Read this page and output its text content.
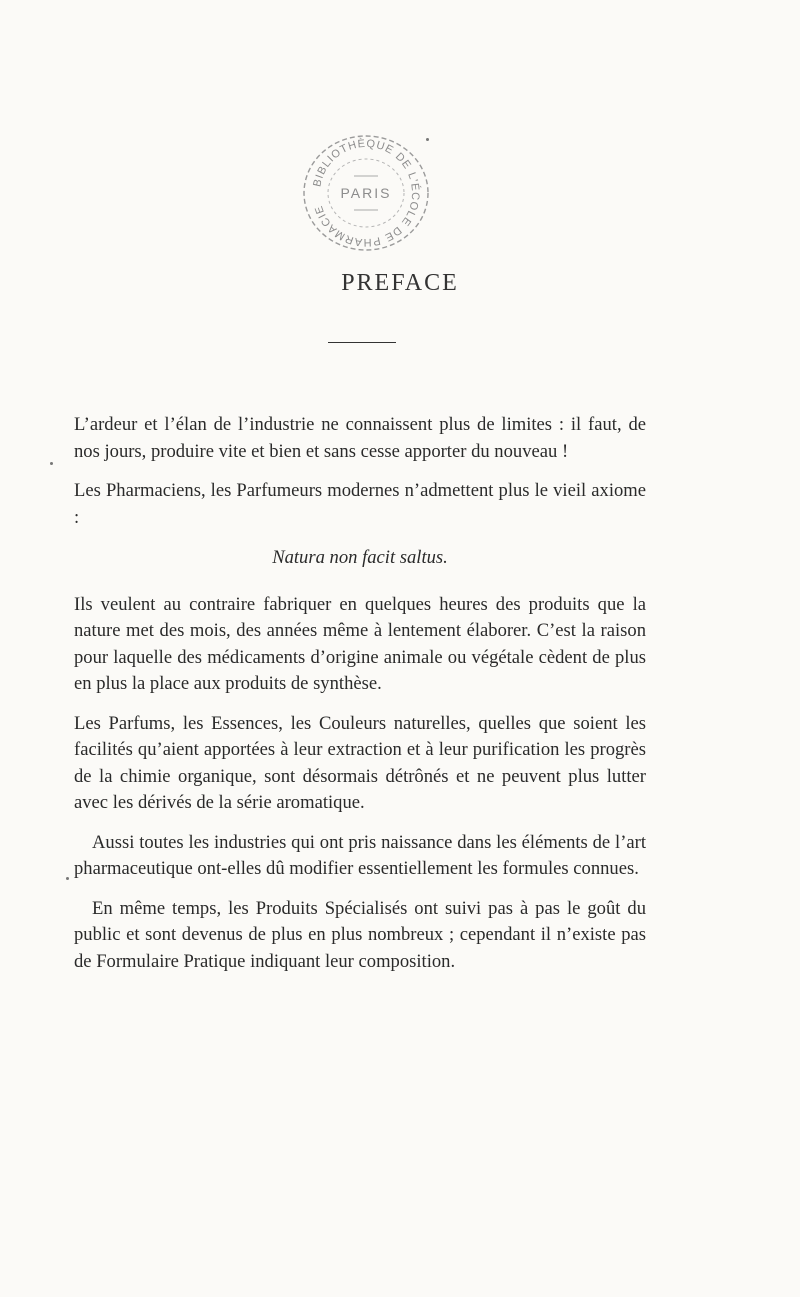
BIBLIOTHÈQUE DE L'ÉCOLE DE PHARMACIE
PARIS
PREFACE

L’ardeur et l’élan de l’industrie ne connaissent plus de limites : il faut, de nos jours, produire vite et bien et sans cesse apporter du nouveau !

Les Pharmaciens, les Parfumeurs modernes n’admettent plus le vieil axiome :

Natura non facit saltus.

Ils veulent au contraire fabriquer en quelques heures des produits que la nature met des mois, des années même à lentement élaborer. C’est la raison pour laquelle des médicaments d’origine animale ou végétale cèdent de plus en plus la place aux produits de synthèse.

Les Parfums, les Essences, les Couleurs naturelles, quelles que soient les facilités qu’aient apportées à leur extraction et à leur purification les progrès de la chimie organique, sont désormais détrônés et ne peuvent plus lutter avec les dérivés de la série aromatique.

Aussi toutes les industries qui ont pris naissance dans les éléments de l’art pharmaceutique ont-elles dû modifier essentiellement les formules connues.

En même temps, les Produits Spécialisés ont suivi pas à pas le goût du public et sont devenus de plus en plus nombreux ; cependant il n’existe pas de Formulaire Pratique indiquant leur composition.
